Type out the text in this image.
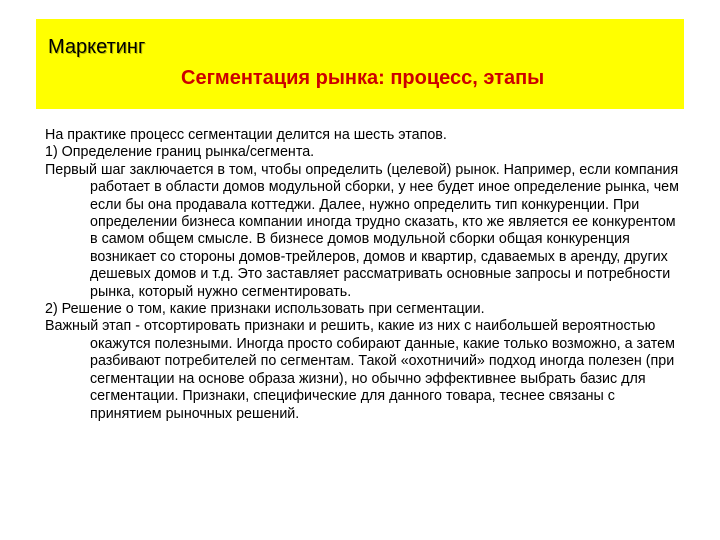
Маркетинг
Сегментация рынка: процесс, этапы

На практике процесс сегментации делится на шесть этапов.

1) Определение границ рынка/сегмента.

Первый шаг заключается в том, чтобы определить (целевой) рынок. Например, если компания работает в области домов модульной сборки, у нее будет иное определение рынка, чем если бы она продавала коттеджи. Далее, нужно определить тип конкуренции. При определении бизнеса компании иногда трудно сказать, кто же является ее конкурентом в самом общем смысле. В бизнесе домов модульной сборки общая конкуренция возникает со стороны домов-трейлеров, домов и квартир, сдаваемых в аренду, других дешевых домов и т.д. Это заставляет рассматривать основные запросы и потребности рынка, который нужно сегментировать.

2) Решение о том, какие признаки использовать при сегментации.

Важный этап - отсортировать признаки и решить, какие из них с наибольшей вероятностью окажутся полезными. Иногда просто собирают данные, какие только возможно, а затем разбивают потребителей по сегментам. Такой «охотничий» подход иногда полезен (при сегментации на основе образа жизни), но обычно эффективнее выбрать базис для сегментации. Признаки, специфические для данного товара, теснее связаны с принятием рыночных решений.
